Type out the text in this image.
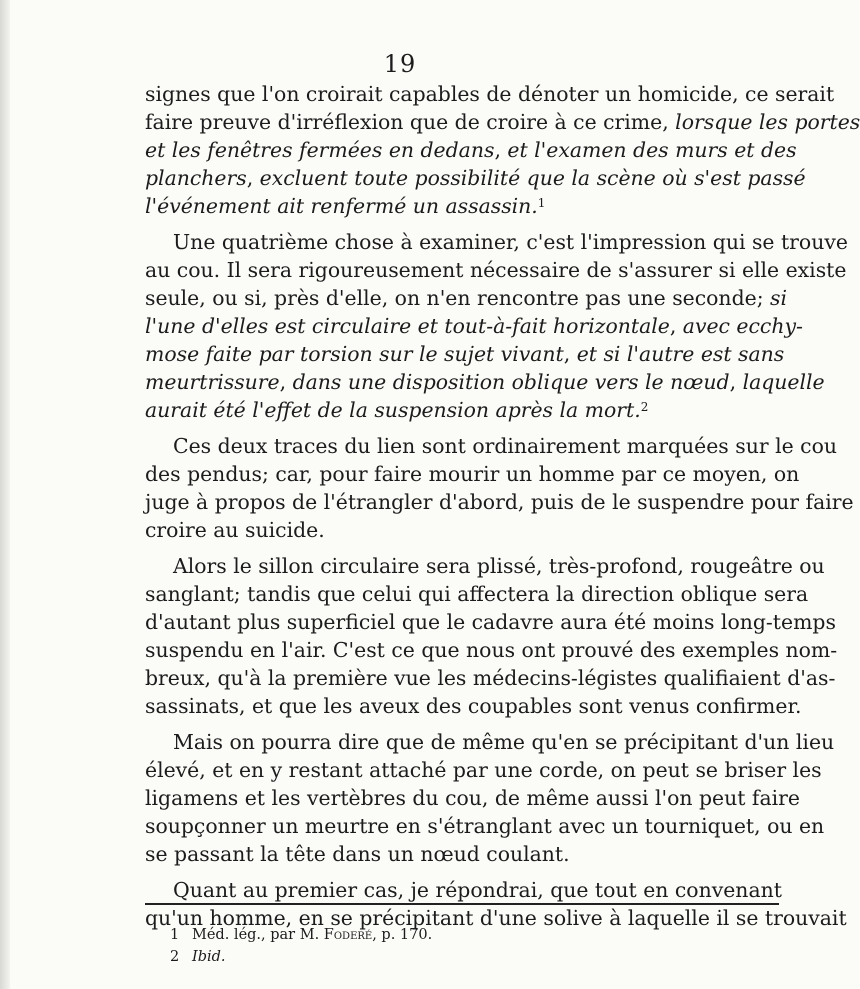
19
signes que l'on croirait capables de dénoter un homicide, ce serait
faire preuve d'irréflexion que de croire à ce crime, lorsque les portes
et les fenêtres fermées en dedans, et l'examen des murs et des
planchers, excluent toute possibilité que la scène où s'est passé
l'événement ait renfermé un assassin.$^1$
Une quatrième chose à examiner, c'est l'impression qui se trouve
au cou. Il sera rigoureusement nécessaire de s'assurer si elle existe
seule, ou si, près d'elle, on n'en rencontre pas une seconde; si
l'une d'elles est circulaire et tout-à-fait horizontale, avec ecchy-
mose faite par torsion sur le sujet vivant, et si l'autre est sans
meurtrissure, dans une disposition oblique vers le nœud, laquelle
aurait été l'effet de la suspension après la mort.$^2$
Ces deux traces du lien sont ordinairement marquées sur le cou
des pendus; car, pour faire mourir un homme par ce moyen, on
juge à propos de l'étrangler d'abord, puis de le suspendre pour faire
croire au suicide.
Alors le sillon circulaire sera plissé, très-profond, rougeâtre ou
sanglant; tandis que celui qui affectera la direction oblique sera
d'autant plus superficiel que le cadavre aura été moins long-temps
suspendu en l'air. C'est ce que nous ont prouvé des exemples nom-
breux, qu'à la première vue les médecins-légistes qualifiaient d'as-
sassinats, et que les aveux des coupables sont venus confirmer.
Mais on pourra dire que de même qu'en se précipitant d'un lieu
élevé, et en y restant attaché par une corde, on peut se briser les
ligamens et les vertèbres du cou, de même aussi l'on peut faire
soupçonner un meurtre en s'étranglant avec un tourniquet, ou en
se passant la tête dans un nœud coulant.
Quant au premier cas, je répondrai, que tout en convenant
qu'un homme, en se précipitant d'une solive à laquelle il se trouvait
1 Méd. lég., par M. Foderé, p. 170.
2 Ibid.
